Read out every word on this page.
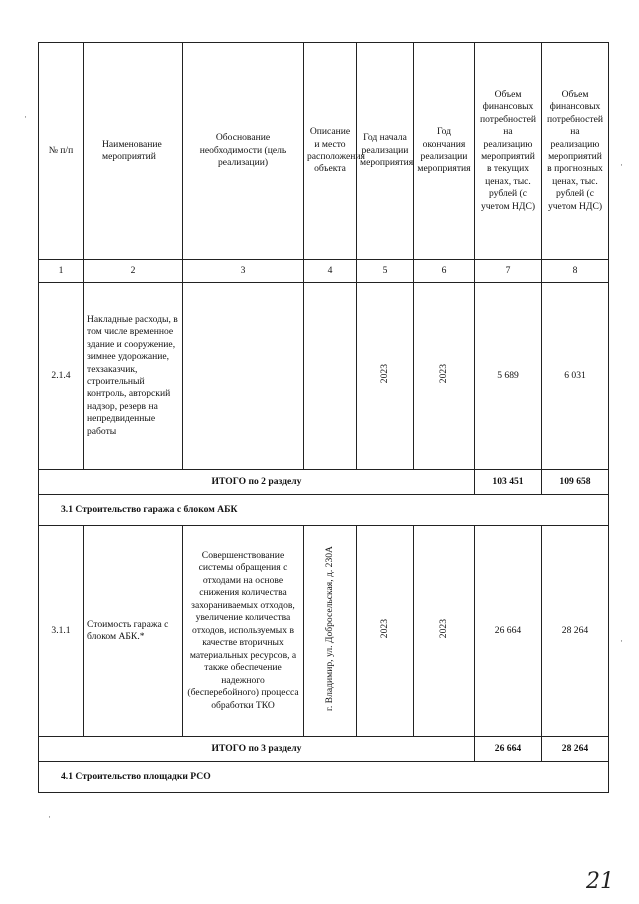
№ п/п	Наименование мероприятий	Обоснование необходимости (цель реализации)	Описание и место расположения объекта	Год начала реализации мероприятия	Год окончания реализации мероприятия	Объем финансовых потребностей на реализацию мероприятий в текущих ценах, тыс. рублей (с учетом НДС)	Объем финансовых потребностей на реализацию мероприятий в прогнозных ценах, тыс. рублей (с учетом НДС)
1	2	3	4	5	6	7	8
2.1.4	Накладные расходы, в том числе временное здание и сооружение, зимнее удорожание, техзаказчик, строительный контроль, авторский надзор, резерв на непредвиденные работы			2023	2023	5 689	6 031
ИТОГО по 2 разделу						103 451	109 658
3.1 Строительство гаража с блоком АБК							
3.1.1	Стоимость гаража с блоком АБК.*	Совершенствование системы обращения с отходами на основе снижения количества захораниваемых отходов, увеличение количества отходов, используемых в качестве вторичных материальных ресурсов, а также обеспечение надежного (бесперебойного) процесса обработки ТКО	г. Владимир, ул. Добросельская, д. 230А	2023	2023	26 664	28 264
ИТОГО по 3 разделу						26 664	28 264
4.1 Строительство площадки РСО							
·
·
·
·
21
